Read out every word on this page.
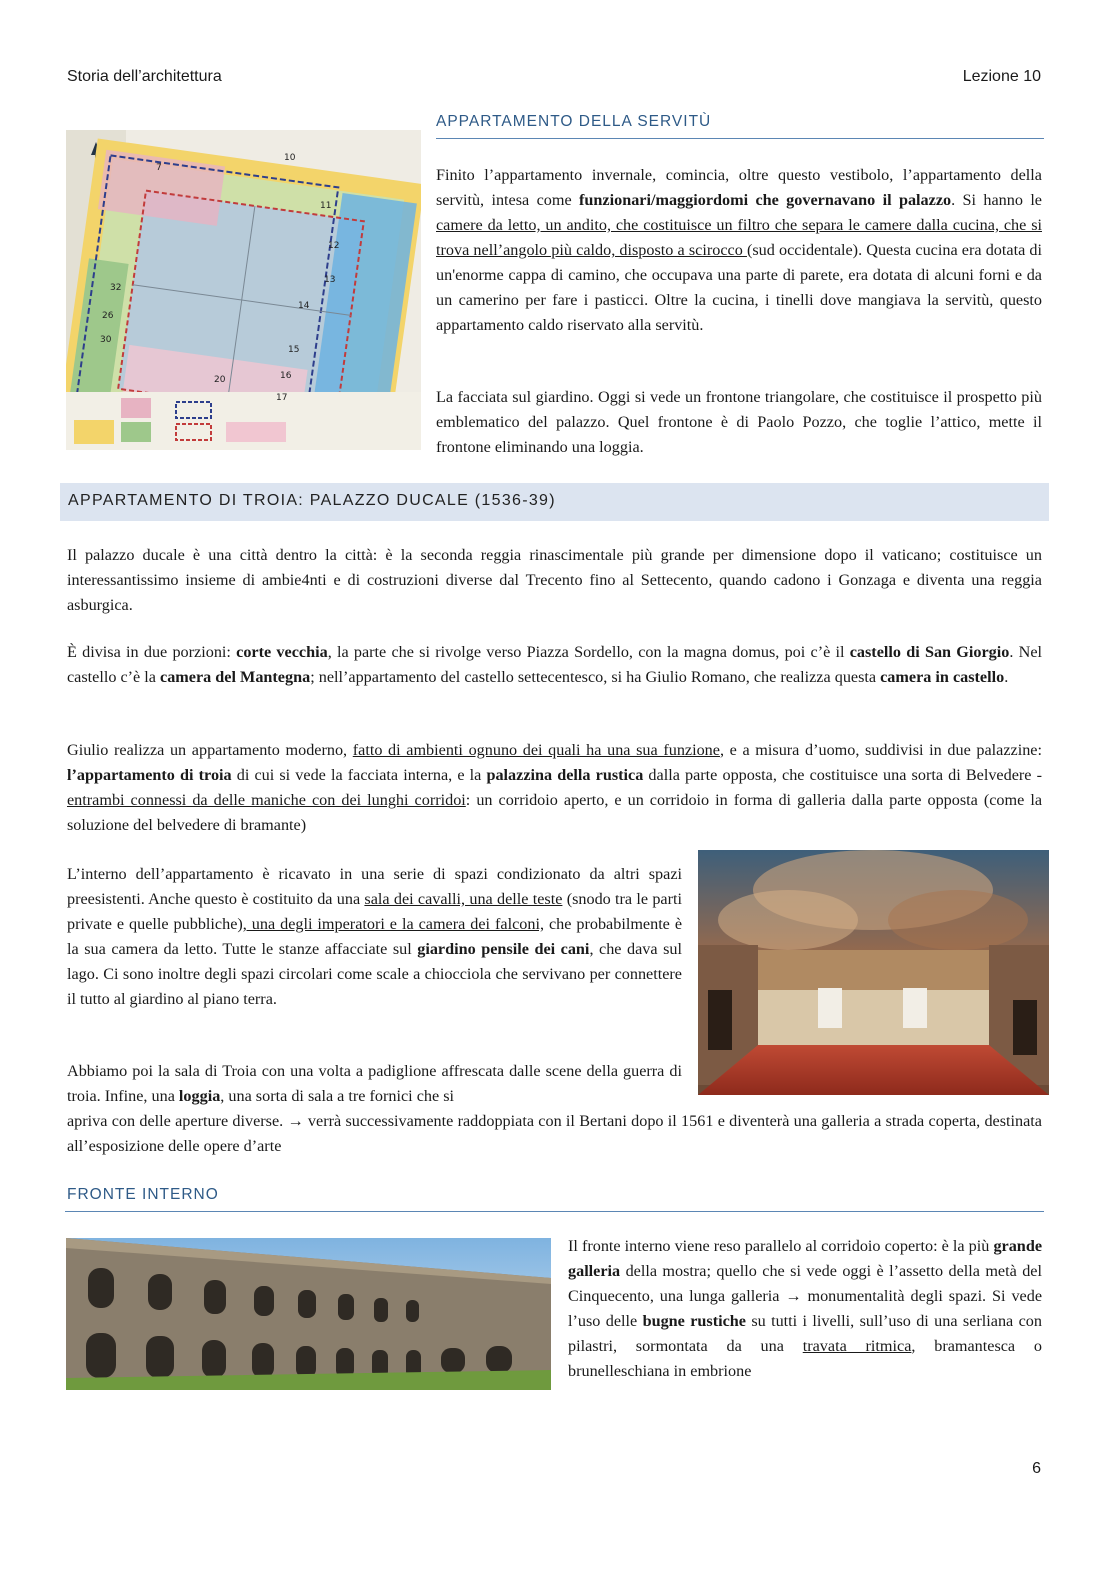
Storia dell’architettura	Lezione 10
7
10
11
12
13
14
15
16
17
20
26
30
32
APPARTAMENTO DELLA SERVITÙ

Finito l’appartamento invernale, comincia, oltre questo vestibolo, l’appartamento della servitù, intesa come funzionari/maggiordomi che governavano il palazzo. Si hanno le camere da letto, un andito, che costituisce un filtro che separa le camere dalla cucina, che si trova nell’angolo più caldo, disposto a scirocco (sud occidentale). Questa cucina era dotata di un'enorme cappa di camino, che occupava una parte di parete, era dotata di alcuni forni e da un camerino per fare i pasticci. Oltre la cucina, i tinelli dove mangiava la servitù, questo appartamento caldo riservato alla servitù.

La facciata sul giardino. Oggi si vede un frontone triangolare, che costituisce il prospetto più emblematico del palazzo. Quel frontone è di Paolo Pozzo, che toglie l’attico, mette il frontone eliminando una loggia.

APPARTAMENTO DI TROIA: PALAZZO DUCALE (1536-39)

Il palazzo ducale è una città dentro la città: è la seconda reggia rinascimentale più grande per dimensione dopo il vaticano; costituisce un interessantissimo insieme di ambie4nti e di costruzioni diverse dal Trecento fino al Settecento, quando cadono i Gonzaga e diventa una reggia asburgica.

È divisa in due porzioni: corte vecchia, la parte che si rivolge verso Piazza Sordello, con la magna domus, poi c’è il castello di San Giorgio. Nel castello c’è la camera del Mantegna; nell’appartamento del castello settecentesco, si ha Giulio Romano, che realizza questa camera in castello.

Giulio realizza un appartamento moderno, fatto di ambienti ognuno dei quali ha una sua funzione, e a misura d’uomo, suddivisi in due palazzine: l’appartamento di troia di cui si vede la facciata interna, e la palazzina della rustica dalla parte opposta, che costituisce una sorta di Belvedere - entrambi connessi da delle maniche con dei lunghi corridoi: un corridoio aperto, e un corridoio in forma di galleria dalla parte opposta (come la soluzione del belvedere di bramante)

L’interno dell’appartamento è ricavato in una serie di spazi condizionato da altri spazi preesistenti. Anche questo è costituito da una sala dei cavalli, una delle teste (snodo tra le parti private e quelle pubbliche), una degli imperatori e la camera dei falconi, che probabilmente è la sua camera da letto. Tutte le stanze affacciate sul giardino pensile dei cani, che dava sul lago. Ci sono inoltre degli spazi circolari come scale a chiocciola che servivano per connettere il tutto al giardino al piano terra.

Abbiamo poi la sala di Troia con una volta a padiglione affrescata dalle scene della guerra di troia. Infine, una loggia, una sorta di sala a tre fornici che si

apriva con delle aperture diverse. → verrà successivamente raddoppiata con il Bertani dopo il 1561 e diventerà una galleria a strada coperta, destinata all’esposizione delle opere d’arte

FRONTE INTERNO

Il fronte interno viene reso parallelo al corridoio coperto: è la più grande galleria della mostra; quello che si vede oggi è l’assetto della metà del Cinquecento, una lunga galleria → monumentalità degli spazi. Si vede l’uso delle bugne rustiche su tutti i livelli, sull’uso di una serliana con pilastri, sormontata da una travata ritmica, bramantesca o brunelleschiana in embrione

6
